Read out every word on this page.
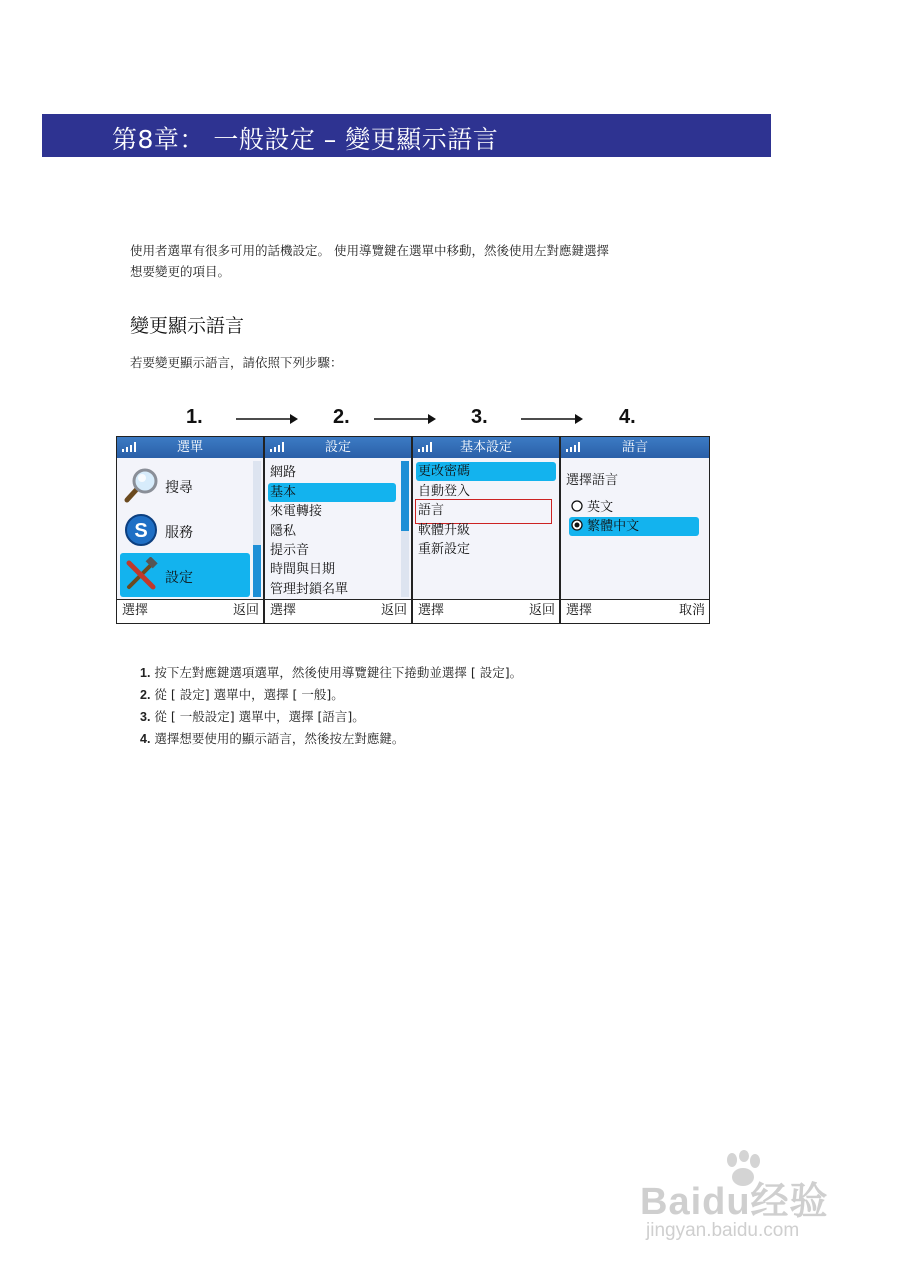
第8章： 一般設定 – 變更顯示語言
使用者選單有很多可用的話機設定。 使用導覽鍵在選單中移動，然後使用左對應鍵選擇
想要變更的項目。
變更顯示語言
若要變更顯示語言，請依照下列步驟：
1.	2.	3.	4.
選單
搜尋
S 服務
設定
選擇	返回
設定
網路
基本
來電轉接
隱私
提示音
時間與日期
管理封鎖名單
選擇	返回
基本設定
更改密碼
自動登入
語言
軟體升級
重新設定
選擇	返回
語言
選擇語言
英文
繁體中文
選擇	取消
1. 按下左對應鍵選項選單，然後使用導覽鍵往下捲動並選擇 [ 設定]。
2. 從 [ 設定] 選單中，選擇 [ 一般]。
3. 從 [ 一般設定] 選單中，選擇 [語言]。
4. 選擇想要使用的顯示語言，然後按左對應鍵。
Baidu经验
jingyan.baidu.com
